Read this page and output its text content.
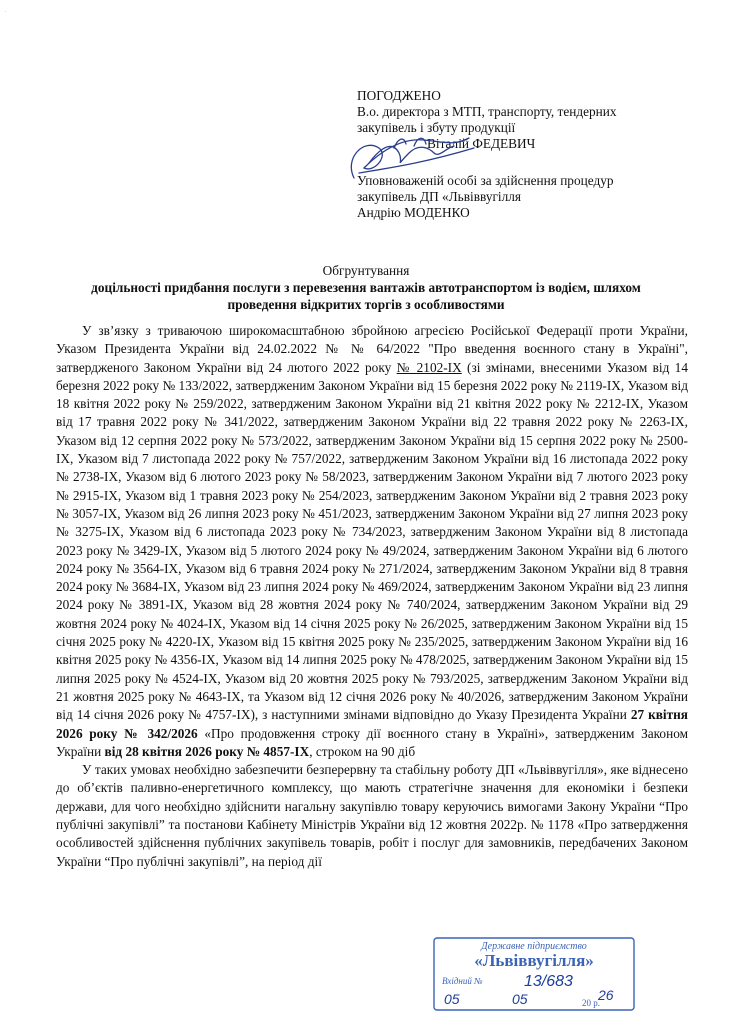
·
ПОГОДЖЕНО
В.о. директора з МТП, транспорту, тендерних
закупівель і збуту продукції
Віталій ФЕДЕВИЧ
Уповноваженій особі за здійснення процедур
закупівель ДП «Львіввугілля
Андрію МОДЕНКО
Обгрунтування
доцільності придбання послуги з перевезення вантажів автотранспортом із водієм, шляхом
проведення відкритих торгів з особливостями

У зв’язку з триваючою широкомасштабною збройною агресією Російської Федерації проти України, Указом Президента України від 24.02.2022 № № 64/2022 "Про введення воєнного стану в Україні", затвердженого Законом України від 24 лютого 2022 року № 2102-IX (зі змінами, внесеними Указом від 14 березня 2022 року № 133/2022, затвердженим Законом України від 15 березня 2022 року № 2119-IX, Указом від 18 квітня 2022 року № 259/2022, затвердженим Законом України від 21 квітня 2022 року № 2212-IX, Указом від 17 травня 2022 року № 341/2022, затвердженим Законом України від 22 травня 2022 року № 2263-IX, Указом від 12 серпня 2022 року № 573/2022, затвердженим Законом України від 15 серпня 2022 року № 2500-IX, Указом від 7 листопада 2022 року № 757/2022, затвердженим Законом України від 16 листопада 2022 року № 2738-IX, Указом від 6 лютого 2023 року № 58/2023, затвердженим Законом України від 7 лютого 2023 року № 2915-IX, Указом від 1 травня 2023 року № 254/2023, затвердженим Законом України від 2 травня 2023 року № 3057-IX, Указом від 26 липня 2023 року № 451/2023, затвердженим Законом України від 27 липня 2023 року № 3275-IX, Указом від 6 листопада 2023 року № 734/2023, затвердженим Законом України від 8 листопада 2023 року № 3429-IX, Указом від 5 лютого 2024 року № 49/2024, затвердженим Законом України від 6 лютого 2024 року № 3564-IX, Указом від 6 травня 2024 року № 271/2024, затвердженим Законом України від 8 травня 2024 року № 3684-IX, Указом від 23 липня 2024 року № 469/2024, затвердженим Законом України від 23 липня 2024 року № 3891-IX, Указом від 28 жовтня 2024 року № 740/2024, затвердженим Законом України від 29 жовтня 2024 року № 4024-IX, Указом від 14 січня 2025 року № 26/2025, затвердженим Законом України від 15 січня 2025 року № 4220-IX, Указом від 15 квітня 2025 року № 235/2025, затвердженим Законом України від 16 квітня 2025 року № 4356-IX, Указом від 14 липня 2025 року № 478/2025, затвердженим Законом України від 15 липня 2025 року № 4524-IX, Указом від 20 жовтня 2025 року № 793/2025, затвердженим Законом України від 21 жовтня 2025 року № 4643-IX, та Указом від 12 січня 2026 року № 40/2026, затвердженим Законом України від 14 січня 2026 року № 4757-IX), з наступними змінами відповідно до Указу Президента України 27 квітня 2026 року № 342/2026 «Про продовження строку дії воєнного стану в Україні», затвердженим Законом України від 28 квітня 2026 року № 4857-IX, строком на 90 діб

У таких умовах необхідно забезпечити безперервну та стабільну роботу ДП «Львіввугілля», яке віднесено до об’єктів паливно-енергетичного комплексу, що мають стратегічне значення для економіки і безпеки держави, для чого необхідно здійснити нагальну закупівлю товару керуючись вимогами Закону України “Про публічні закупівлі” та постанови Кабінету Міністрів України від 12 жовтня 2022р. № 1178 «Про затвердження особливостей здійснення публічних закупівель товарів, робіт і послуг для замовників, передбачених Законом України “Про публічні закупівлі”, на період дії

Державне підприємство
«Львіввугілля»
Вхідний №	13/683
05	05	20 р.
26
